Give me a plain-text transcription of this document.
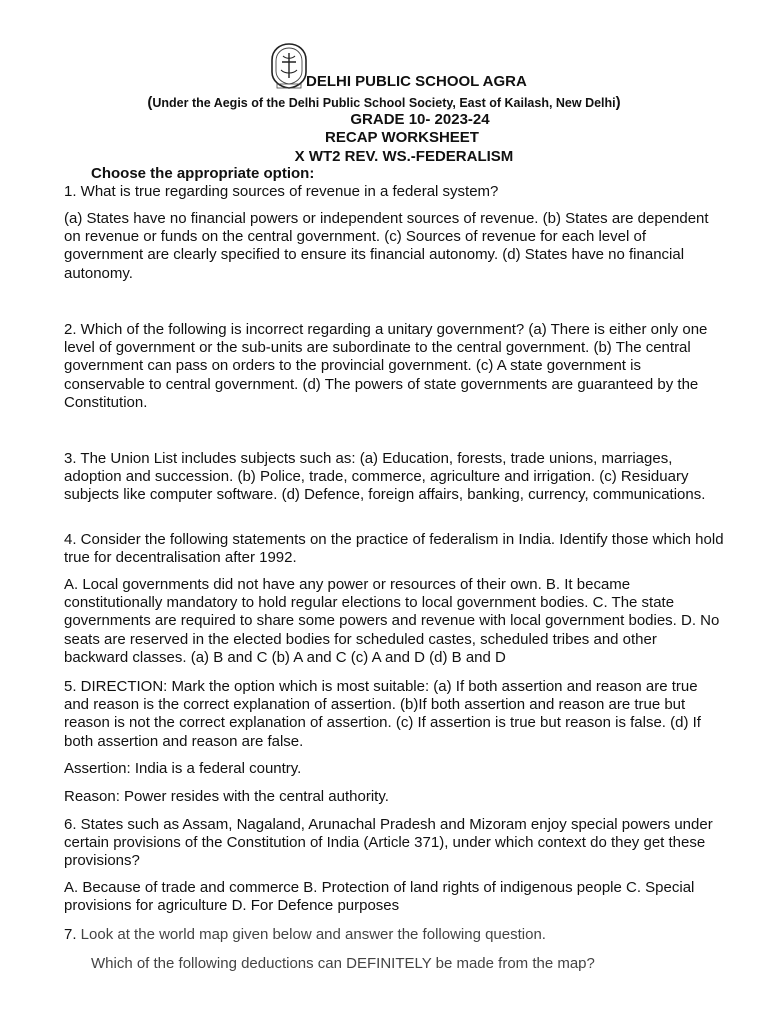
DELHI PUBLIC SCHOOL AGRA
(Under the Aegis of the Delhi Public School Society, East of Kailash, New Delhi)
GRADE 10- 2023-24
RECAP WORKSHEET
X WT2 REV. WS.-FEDERALISM
Choose the appropriate option:

1. What is true regarding sources of revenue in a federal system?

(a) States have no financial powers or independent sources of revenue. (b) States are dependent on revenue or funds on the central government. (c) Sources of revenue for each level of government are clearly specified to ensure its financial autonomy. (d) States have no financial autonomy.

2. Which of the following is incorrect regarding a unitary government? (a) There is either only one level of government or the sub-units are subordinate to the central government. (b) The central government can pass on orders to the provincial government. (c) A state government is conservable to central government. (d) The powers of state governments are guaranteed by the Constitution.

3. The Union List includes subjects such as: (a) Education, forests, trade unions, marriages, adoption and succession. (b) Police, trade, commerce, agriculture and irrigation. (c) Residuary subjects like computer software. (d) Defence, foreign affairs, banking, currency, communications.

4. Consider the following statements on the practice of federalism in India. Identify those which hold true for decentralisation after 1992.

A. Local governments did not have any power or resources of their own. B. It became constitutionally mandatory to hold regular elections to local government bodies. C. The state governments are required to share some powers and revenue with local government bodies. D. No seats are reserved in the elected bodies for scheduled castes, scheduled tribes and other backward classes. (a) B and C (b) A and C (c) A and D (d) B and D

5. DIRECTION: Mark the option which is most suitable: (a) If both assertion and reason are true and reason is the correct explanation of assertion. (b)If both assertion and reason are true but reason is not the correct explanation of assertion. (c) If assertion is true but reason is false. (d) If both assertion and reason are false.

Assertion: India is a federal country.

Reason: Power resides with the central authority.

6. States such as Assam, Nagaland, Arunachal Pradesh and Mizoram enjoy special powers under certain provisions of the Constitution of India (Article 371), under which context do they get these provisions?

A. Because of trade and commerce B. Protection of land rights of indigenous people C. Special provisions for agriculture D. For Defence purposes

7. Look at the world map given below and answer the following question.

Which of the following deductions can DEFINITELY be made from the map?
